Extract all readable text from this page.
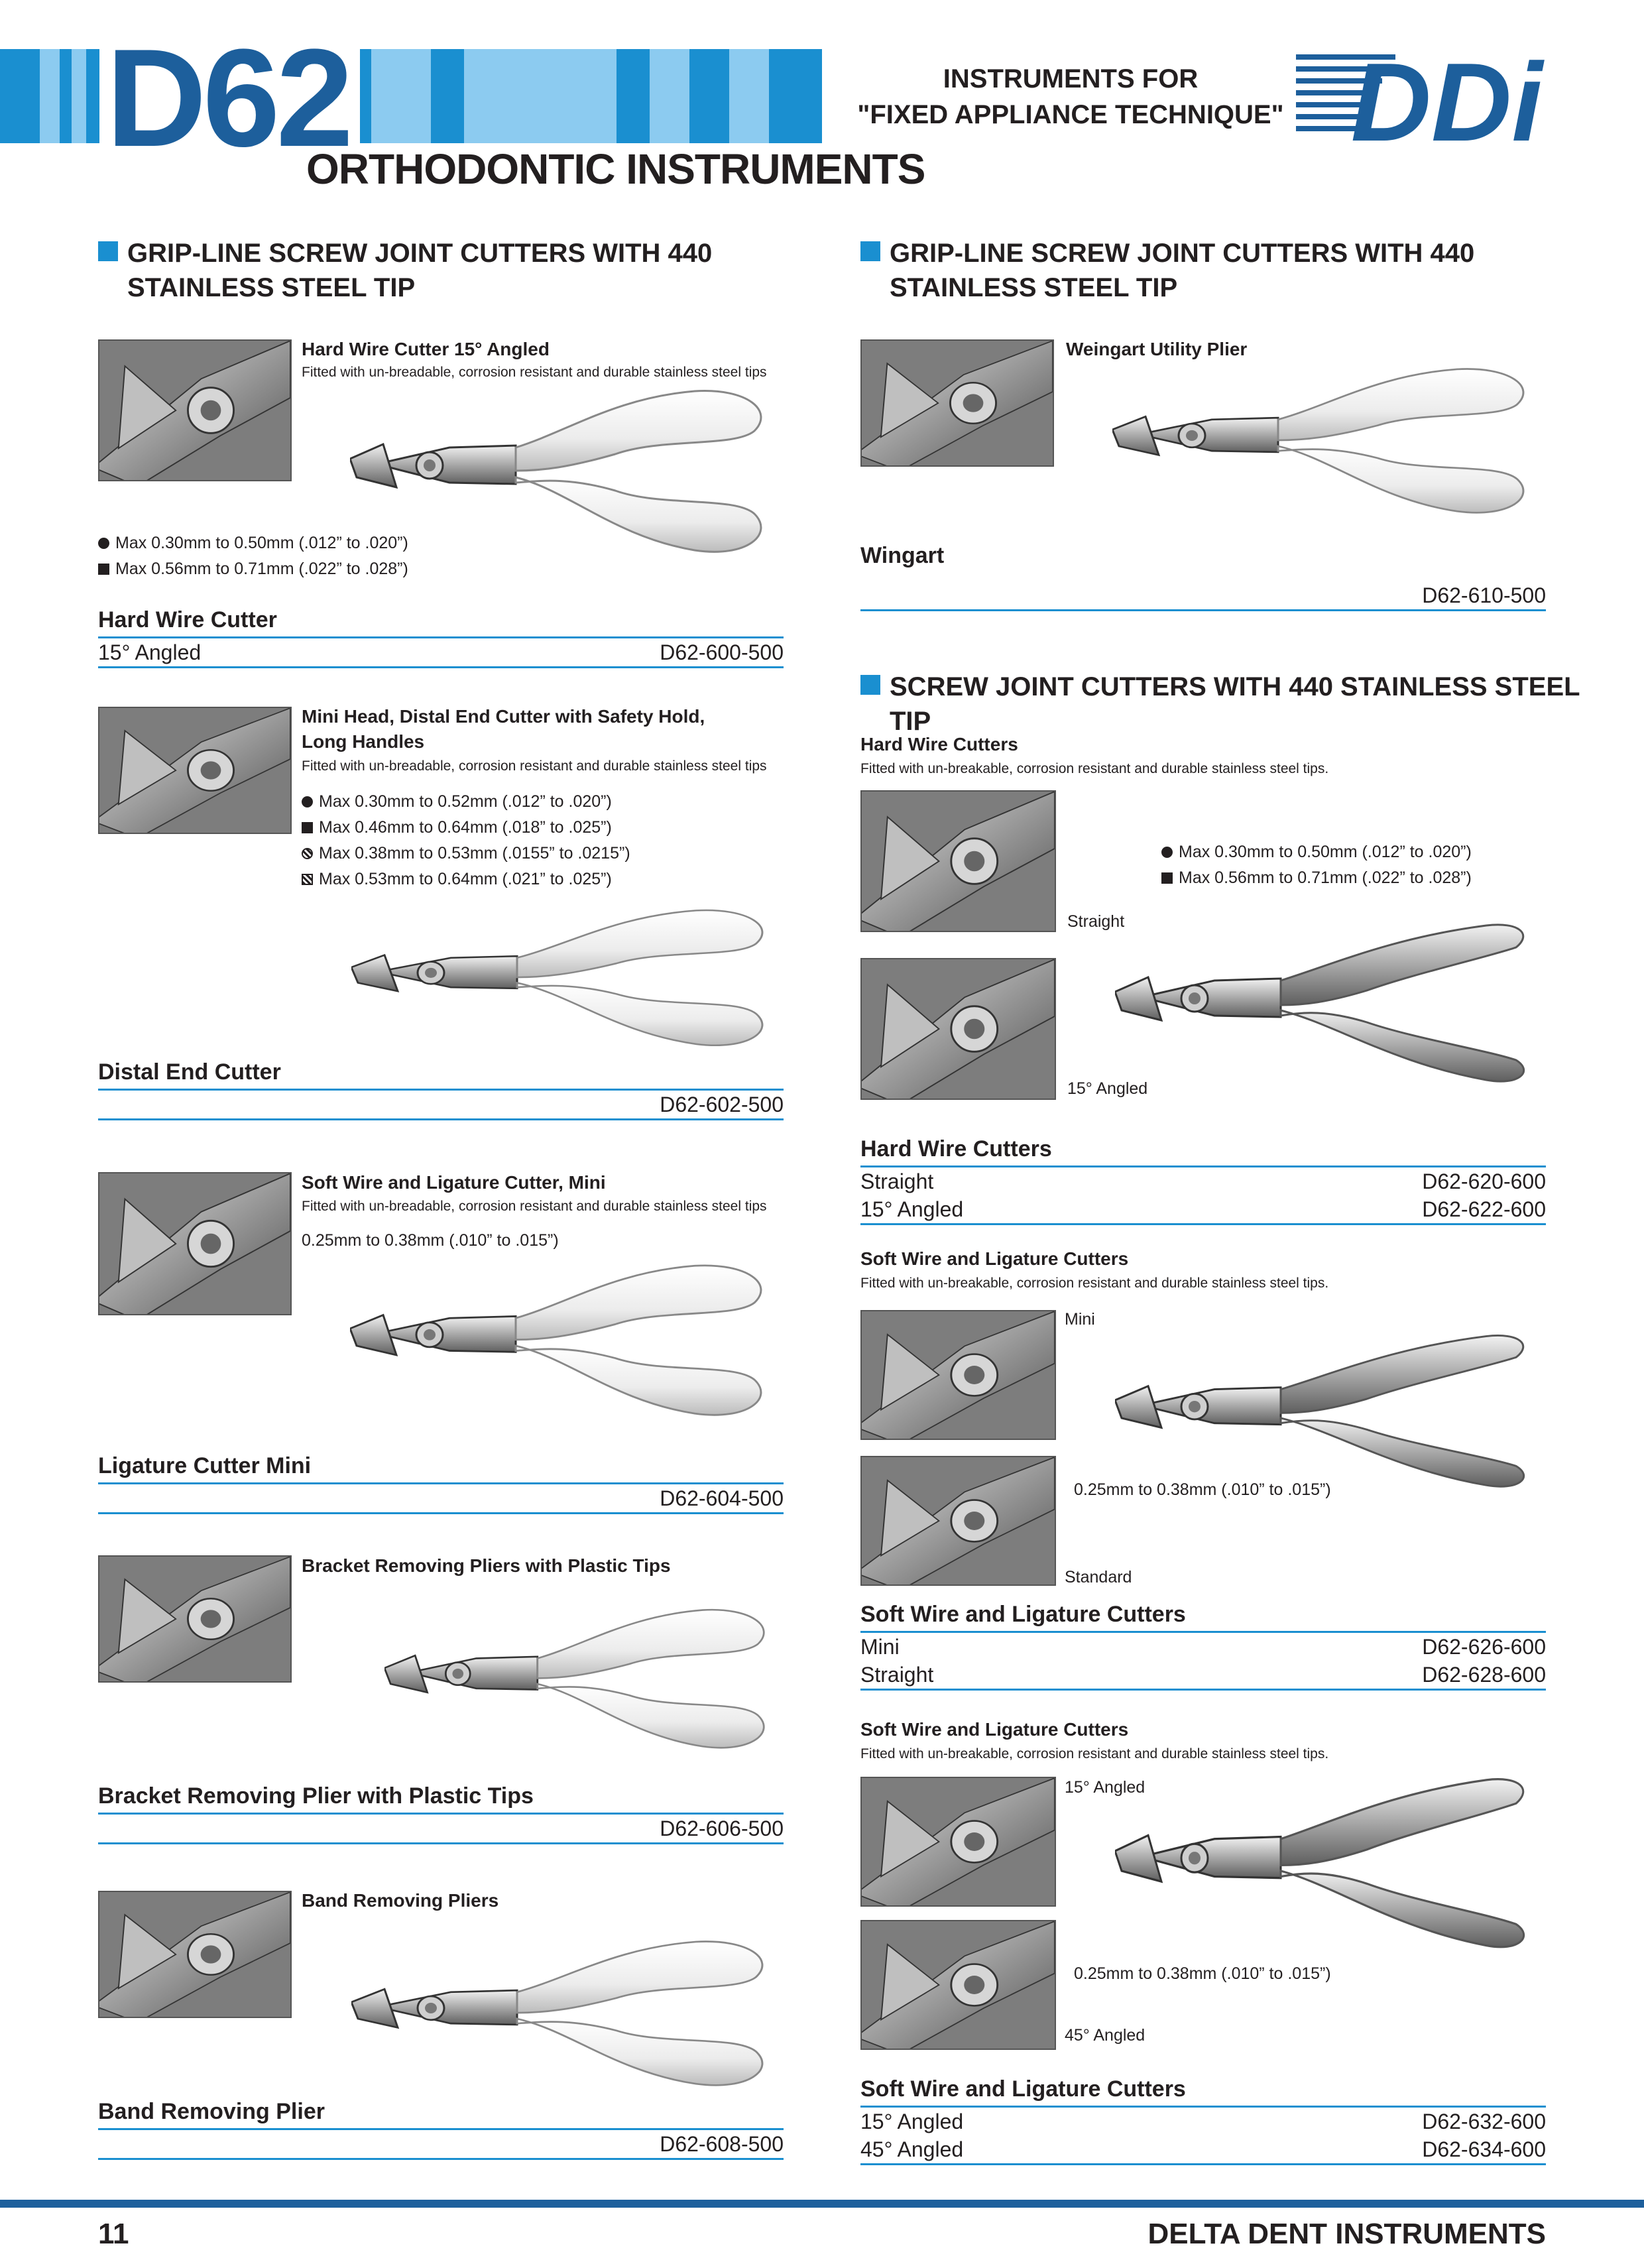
D62
ORTHODONTIC INSTRUMENTS
INSTRUMENTS FOR
"FIXED APPLIANCE TECHNIQUE" DDi
GRIP-LINE SCREW JOINT CUTTERS WITH 440
STAINLESS STEEL TIP
Hard Wire Cutter 15° Angled
Fitted with un-breadable, corrosion resistant and durable stainless steel tips
Max 0.30mm to 0.50mm (.012” to .020”)
Max 0.56mm to 0.71mm (.022” to .028”)
Hard Wire Cutter
15° Angled	D62-600-500
Mini Head, Distal End Cutter with Safety Hold,
Long Handles
Fitted with un-breadable, corrosion resistant and durable stainless steel tips
Max 0.30mm to 0.52mm (.012” to .020”)
Max 0.46mm to 0.64mm (.018” to .025”)
Max 0.38mm to 0.53mm (.0155” to .0215”)
Max 0.53mm to 0.64mm (.021” to .025”)
Distal End Cutter
D62-602-500
Soft Wire and Ligature Cutter, Mini
Fitted with un-breadable, corrosion resistant and durable stainless steel tips
0.25mm to 0.38mm (.010” to .015”)
Ligature Cutter Mini
D62-604-500
Bracket Removing Pliers with Plastic Tips
Bracket Removing Plier with Plastic Tips
D62-606-500
Band Removing Pliers
Band Removing Plier
D62-608-500
GRIP-LINE SCREW JOINT CUTTERS WITH 440
STAINLESS STEEL TIP
Weingart Utility Plier
Wingart
D62-610-500
SCREW JOINT CUTTERS WITH 440 STAINLESS STEEL TIP
Hard Wire Cutters
Fitted with un-breakable, corrosion resistant and durable stainless steel tips.
Max 0.30mm to 0.50mm (.012” to .020”)
Max 0.56mm to 0.71mm (.022” to .028”)
Straight
15° Angled
Hard Wire Cutters
Straight	D62-620-600
15° Angled	D62-622-600
Soft Wire and Ligature Cutters
Fitted with un-breakable, corrosion resistant and durable stainless steel tips.
Mini
0.25mm to 0.38mm (.010” to .015”)
Standard
Soft Wire and Ligature Cutters
Mini	D62-626-600
Straight	D62-628-600
Soft Wire and Ligature Cutters
Fitted with un-breakable, corrosion resistant and durable stainless steel tips.
15° Angled
0.25mm to 0.38mm (.010” to .015”)
45° Angled
Soft Wire and Ligature Cutters
15° Angled	D62-632-600
45° Angled	D62-634-600
11	DELTA DENT INSTRUMENTS
